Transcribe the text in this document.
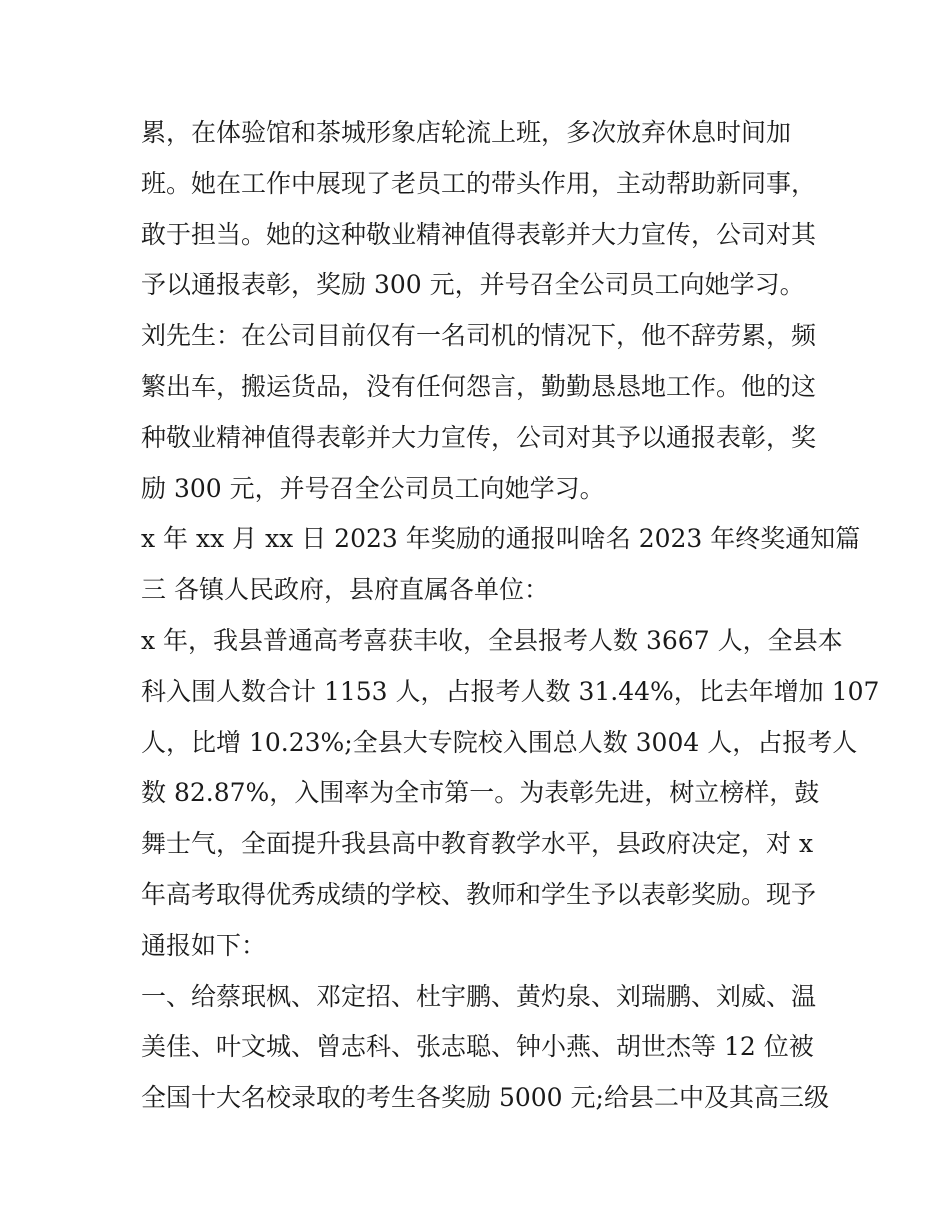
累，在体验馆和茶城形象店轮流上班，多次放弃休息时间加
班。她在工作中展现了老员工的带头作用，主动帮助新同事，
敢于担当。她的这种敬业精神值得表彰并大力宣传，公司对其
予以通报表彰，奖励 300 元，并号召全公司员工向她学习。
刘先生：在公司目前仅有一名司机的情况下，他不辞劳累，频
繁出车，搬运货品，没有任何怨言，勤勤恳恳地工作。他的这
种敬业精神值得表彰并大力宣传，公司对其予以通报表彰，奖
励 300 元，并号召全公司员工向她学习。
x 年 xx 月 xx 日 2023 年奖励的通报叫啥名 2023 年终奖通知篇
三 各镇人民政府，县府直属各单位：
x 年，我县普通高考喜获丰收，全县报考人数 3667 人，全县本
科入围人数合计 1153 人，占报考人数 31.44%，比去年增加 107
人，比增 10.23%;全县大专院校入围总人数 3004 人，占报考人
数 82.87%，入围率为全市第一。为表彰先进，树立榜样，鼓
舞士气，全面提升我县高中教育教学水平，县政府决定，对 x
年高考取得优秀成绩的学校、教师和学生予以表彰奖励。现予
通报如下：
一、给蔡珉枫、邓定招、杜宇鹏、黄灼泉、刘瑞鹏、刘威、温
美佳、叶文城、曾志科、张志聪、钟小燕、胡世杰等 12 位被
全国十大名校录取的考生各奖励 5000 元;给县二中及其高三级
